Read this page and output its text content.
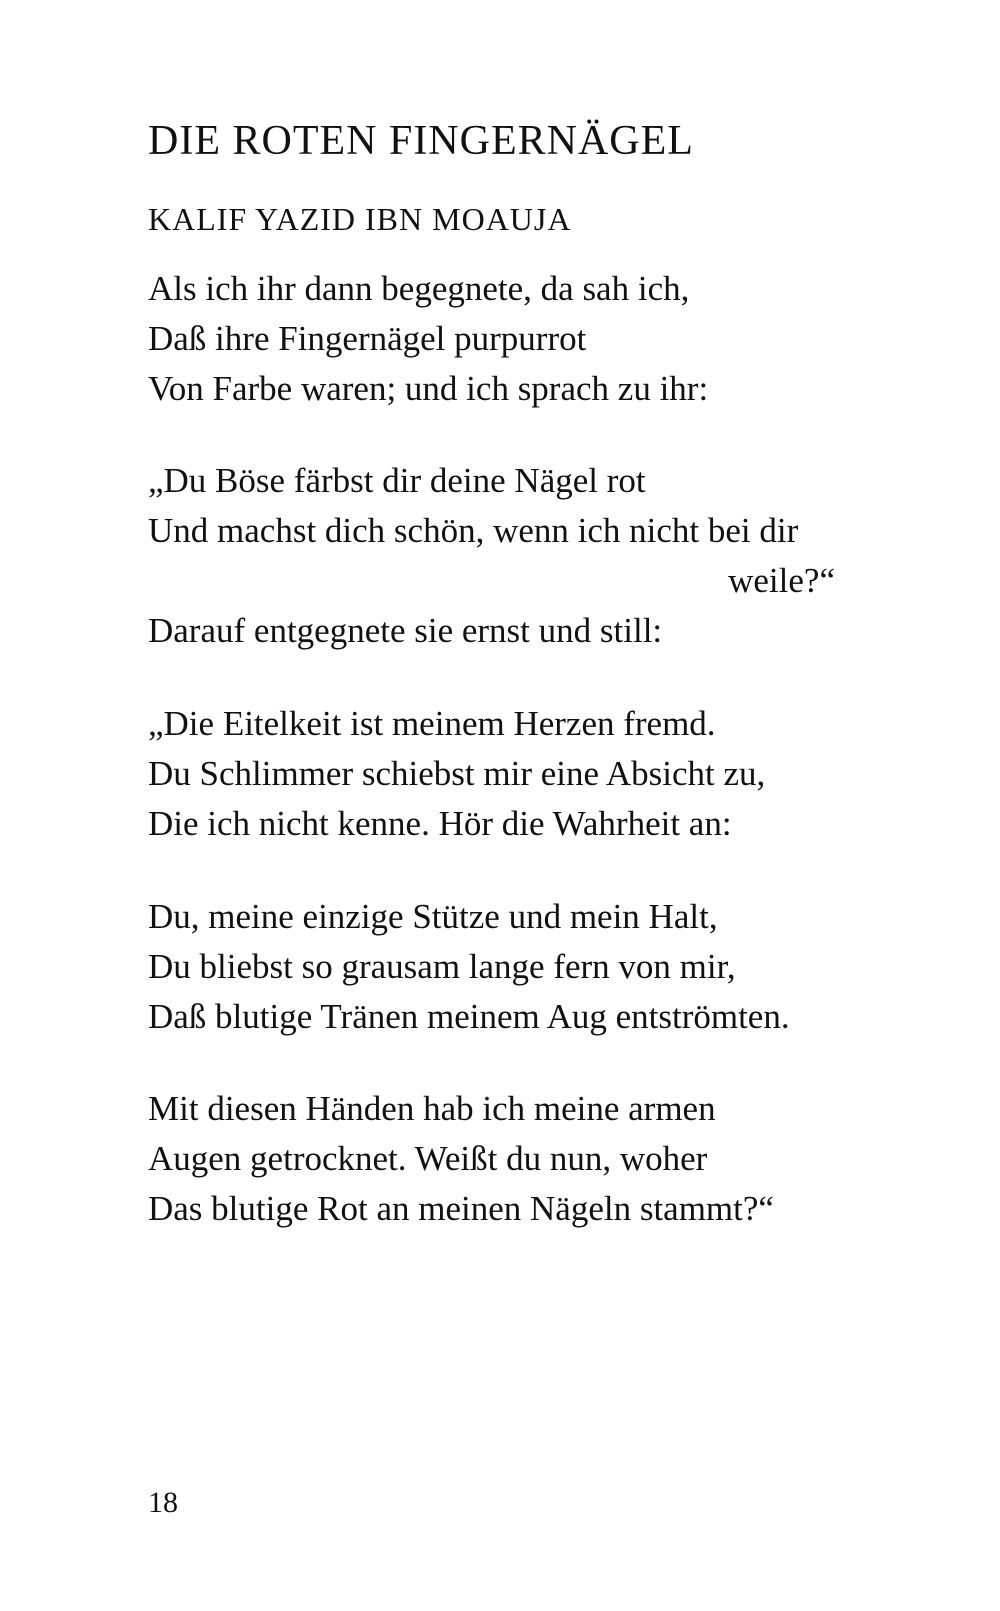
DIE ROTEN FINGERNÄGEL
KALIF YAZID IBN MOAUJA

Als ich ihr dann begegnete, da sah ich,

Daß ihre Fingernägel purpurrot

Von Farbe waren; und ich sprach zu ihr:

„Du Böse färbst dir deine Nägel rot

Und machst dich schön, wenn ich nicht bei dir

weile?“

Darauf entgegnete sie ernst und still:

„Die Eitelkeit ist meinem Herzen fremd.

Du Schlimmer schiebst mir eine Absicht zu,

Die ich nicht kenne. Hör die Wahrheit an:

Du, meine einzige Stütze und mein Halt,

Du bliebst so grausam lange fern von mir,

Daß blutige Tränen meinem Aug entströmten.

Mit diesen Händen hab ich meine armen

Augen getrocknet. Weißt du nun, woher

Das blutige Rot an meinen Nägeln stammt?“

18
